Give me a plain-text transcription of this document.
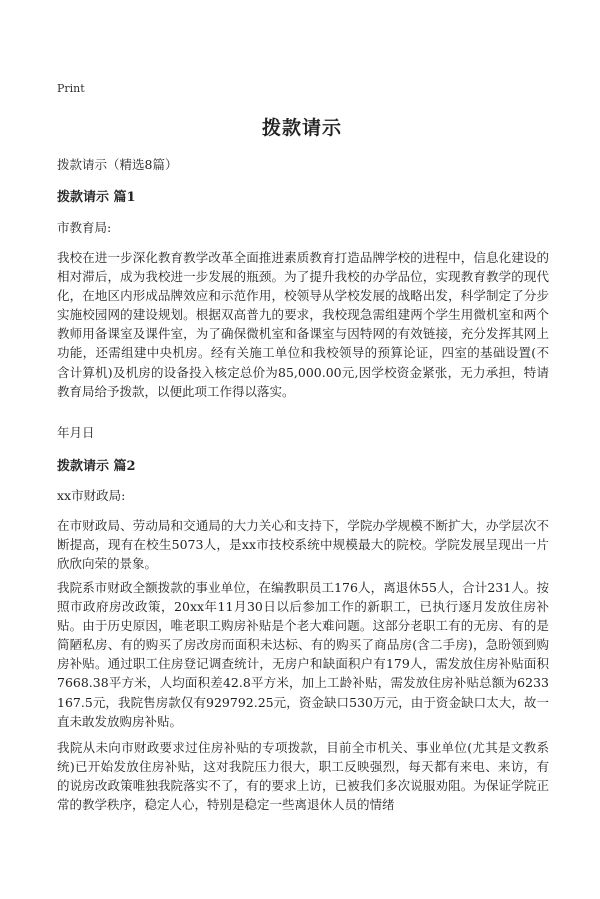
Print
拨款请示
拨款请示（精选8篇）
拨款请示 篇1
市教育局:
我校在进一步深化教育教学改革全面推进素质教育打造品牌学校的进程中，信息化建设的相对滞后，成为我校进一步发展的瓶颈。为了提升我校的办学品位，实现教育教学的现代化，在地区内形成品牌效应和示范作用，校领导从学校发展的战略出发，科学制定了分步实施校园网的建设规划。根据双高普九的要求，我校现急需组建两个学生用微机室和两个教师用备课室及课件室，为了确保微机室和备课室与因特网的有效链接，充分发挥其网上功能，还需组建中央机房。经有关施工单位和我校领导的预算论证，四室的基础设置(不含计算机)及机房的设备投入核定总价为85,000.00元,因学校资金紧张，无力承担，特请教育局给予拨款，以便此项工作得以落实。
年月日
拨款请示 篇2
xx市财政局:
在市财政局、劳动局和交通局的大力关心和支持下，学院办学规模不断扩大，办学层次不断提高，现有在校生5073人，是xx市技校系统中规模最大的院校。学院发展呈现出一片欣欣向荣的景象。
我院系市财政全额拨款的事业单位，在编教职员工176人，离退休55人，合计231人。按照市政府房改政策，20xx年11月30日以后参加工作的新职工，已执行逐月发放住房补贴。由于历史原因，唯老职工购房补贴是个老大难问题。这部分老职工有的无房、有的是简陋私房、有的购买了房改房而面积未达标、有的购买了商品房(含二手房)，急盼领到购房补贴。通过职工住房登记调查统计，无房户和缺面积户有179人，需发放住房补贴面积7668.38平方米，人均面积差42.8平方米，加上工龄补贴，需发放住房补贴总额为6233167.5元，我院售房款仅有929792.25元，资金缺口530万元，由于资金缺口太大，故一直未敢发放购房补贴。
我院从未向市财政要求过住房补贴的专项拨款，目前全市机关、事业单位(尤其是文教系统)已开始发放住房补贴，这对我院压力很大，职工反映强烈，每天都有来电、来访，有的说房改政策唯独我院落实不了，有的要求上访，已被我们多次说服劝阻。为保证学院正常的教学秩序，稳定人心，特别是稳定一些离退休人员的情绪
